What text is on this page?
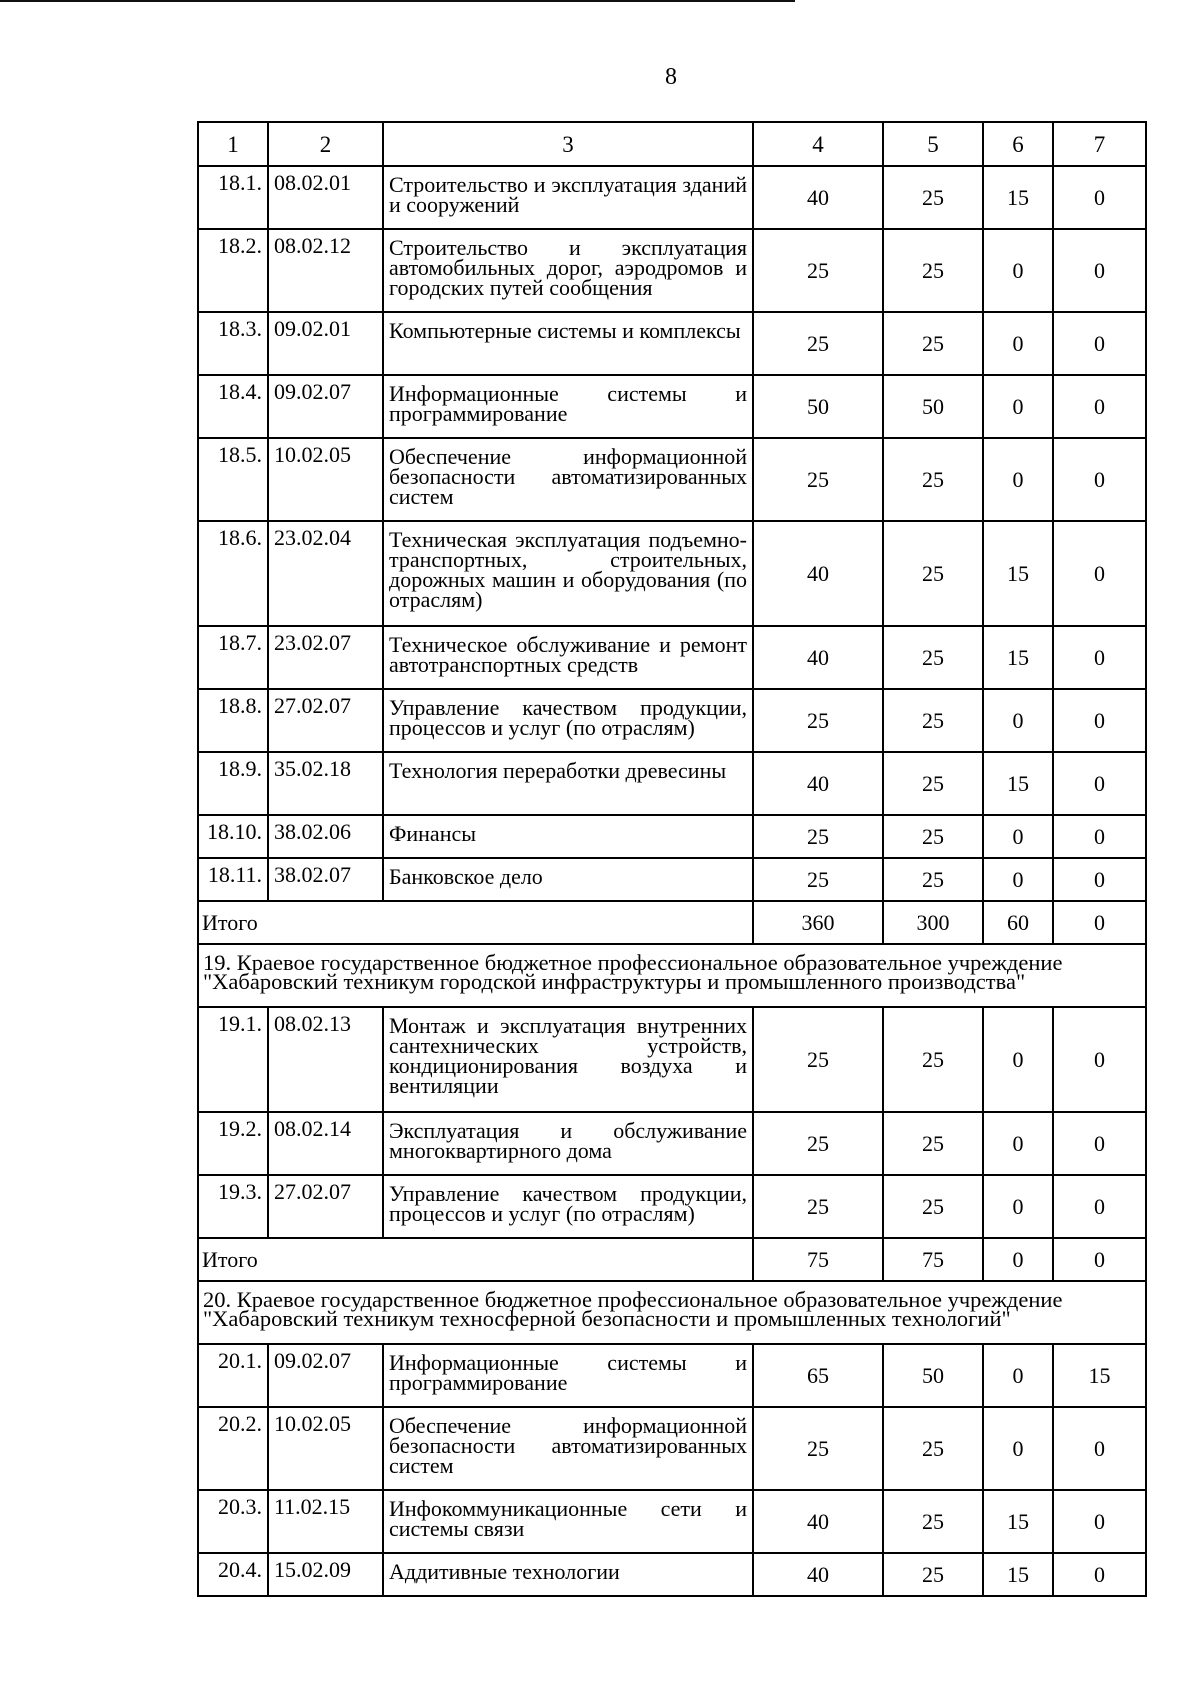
8
1	2	3	4	5	6	7
18.1.	08.02.01	Строительство и эксплуатация зданий и сооружений	40	25	15	0
18.2.	08.02.12	Строительство и эксплуатация автомобильных дорог, аэродромов и городских путей сообщения	25	25	0	0
18.3.	09.02.01	Компьютерные системы и комплексы	25	25	0	0
18.4.	09.02.07	Информационные системы и программирование	50	50	0	0
18.5.	10.02.05	Обеспечение информационной безопасности автоматизированных систем	25	25	0	0
18.6.	23.02.04	Техническая эксплуатация подъемно-транспортных, строительных, дорожных машин и оборудования (по отраслям)	40	25	15	0
18.7.	23.02.07	Техническое обслуживание и ремонт автотранспортных средств	40	25	15	0
18.8.	27.02.07	Управление качеством продукции, процессов и услуг (по отраслям)	25	25	0	0
18.9.	35.02.18	Технология переработки древесины	40	25	15	0
18.10.	38.02.06	Финансы	25	25	0	0
18.11.	38.02.07	Банковское дело	25	25	0	0
Итого			360	300	60	0

19. Краевое государственное бюджетное профессиональное образовательное учреждение
"Хабаровский техникум городской инфраструктуры и промышленного производства"						

19.1.	08.02.13	Монтаж и эксплуатация внутренних сантехнических устройств, кондиционирования воздуха и вентиляции	25	25	0	0
19.2.	08.02.14	Эксплуатация и обслуживание многоквартирного дома	25	25	0	0
19.3.	27.02.07	Управление качеством продукции, процессов и услуг (по отраслям)	25	25	0	0
Итого			75	75	0	0

20. Краевое государственное бюджетное профессиональное образовательное учреждение
"Хабаровский техникум техносферной безопасности и промышленных технологий"						

20.1.	09.02.07	Информационные системы и программирование	65	50	0	15
20.2.	10.02.05	Обеспечение информационной безопасности автоматизированных систем	25	25	0	0
20.3.	11.02.15	Инфокоммуникационные сети и системы связи	40	25	15	0
20.4.	15.02.09	Аддитивные технологии	40	25	15	0
